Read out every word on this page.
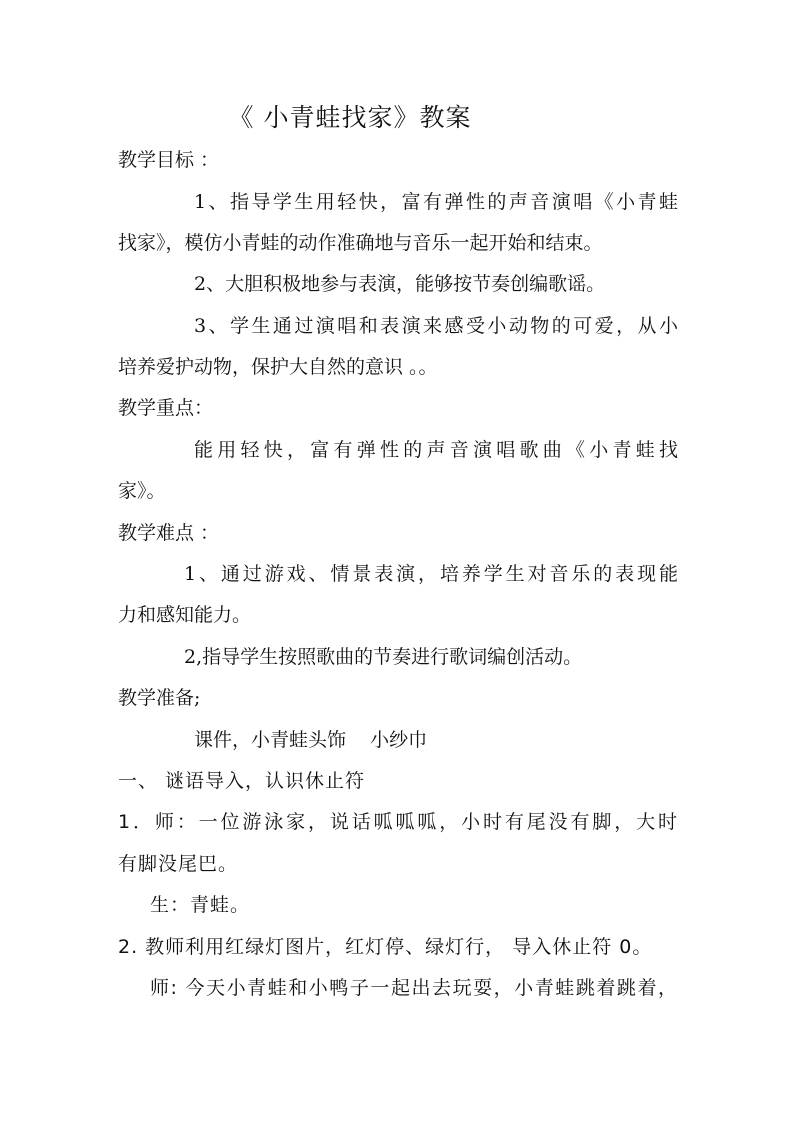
《 小青蛙找家》教案
教学目标 ：
1、指导学生用轻快，富有弹性的声音演唱《小青蛙
找家》，模仿小青蛙的动作准确地与音乐一起开始和结束。
2、大胆积极地参与表演，能够按节奏创编歌谣。
3、学生通过演唱和表演来感受小动物的可爱，从小
培养爱护动物，保护大自然的意识 。。
教学重点：
能用轻快，富有弹性的声音演唱歌曲《小青蛙找
家》。
教学难点 ：
1、通过游戏、情景表演，培养学生对音乐的表现能
力和感知能力。
2,指导学生按照歌曲的节奏进行歌词编创活动。
教学准备;
课件，小青蛙头饰    小纱巾
一、 谜语导入，认识休止符
1．师：一位游泳家，说话呱呱呱，小时有尾没有脚，大时
有脚没尾巴。
生：青蛙。
2. 教师利用红绿灯图片，红灯停、绿灯行， 导入休止符 0。
师: 今天小青蛙和小鸭子一起出去玩耍，小青蛙跳着跳着，
